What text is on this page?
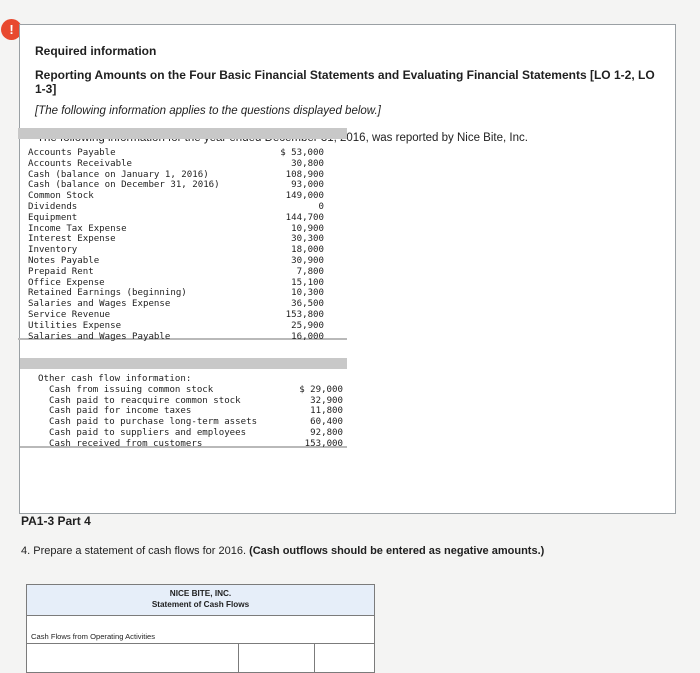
!
Required information
Reporting Amounts on the Four Basic Financial Statements and Evaluating Financial Statements [LO 1-2, LO 1-3]
[The following information applies to the questions displayed below.]
The following information for the year ended December 31, 2016, was reported by Nice Bite, Inc.
Accounts Payable	$ 53,000
Accounts Receivable	30,800
Cash (balance on January 1, 2016)	108,900
Cash (balance on December 31, 2016)	93,000
Common Stock	149,000
Dividends	0
Equipment	144,700
Income Tax Expense	10,900
Interest Expense	30,300
Inventory	18,000
Notes Payable	30,900
Prepaid Rent	7,800
Office Expense	15,100
Retained Earnings (beginning)	10,300
Salaries and Wages Expense	36,500
Service Revenue	153,800
Utilities Expense	25,900
Salaries and Wages Payable	16,000
Other cash flow information:
Cash from issuing common stock	$ 29,000
Cash paid to reacquire common stock	32,900
Cash paid for income taxes	11,800
Cash paid to purchase long-term assets	60,400
Cash paid to suppliers and employees	92,800
Cash received from customers	153,000
PA1-3 Part 4
4. Prepare a statement of cash flows for 2016. (Cash outflows should be entered as negative amounts.)
NICE BITE, INC.
Statement of Cash Flows
Cash Flows from Operating Activities
